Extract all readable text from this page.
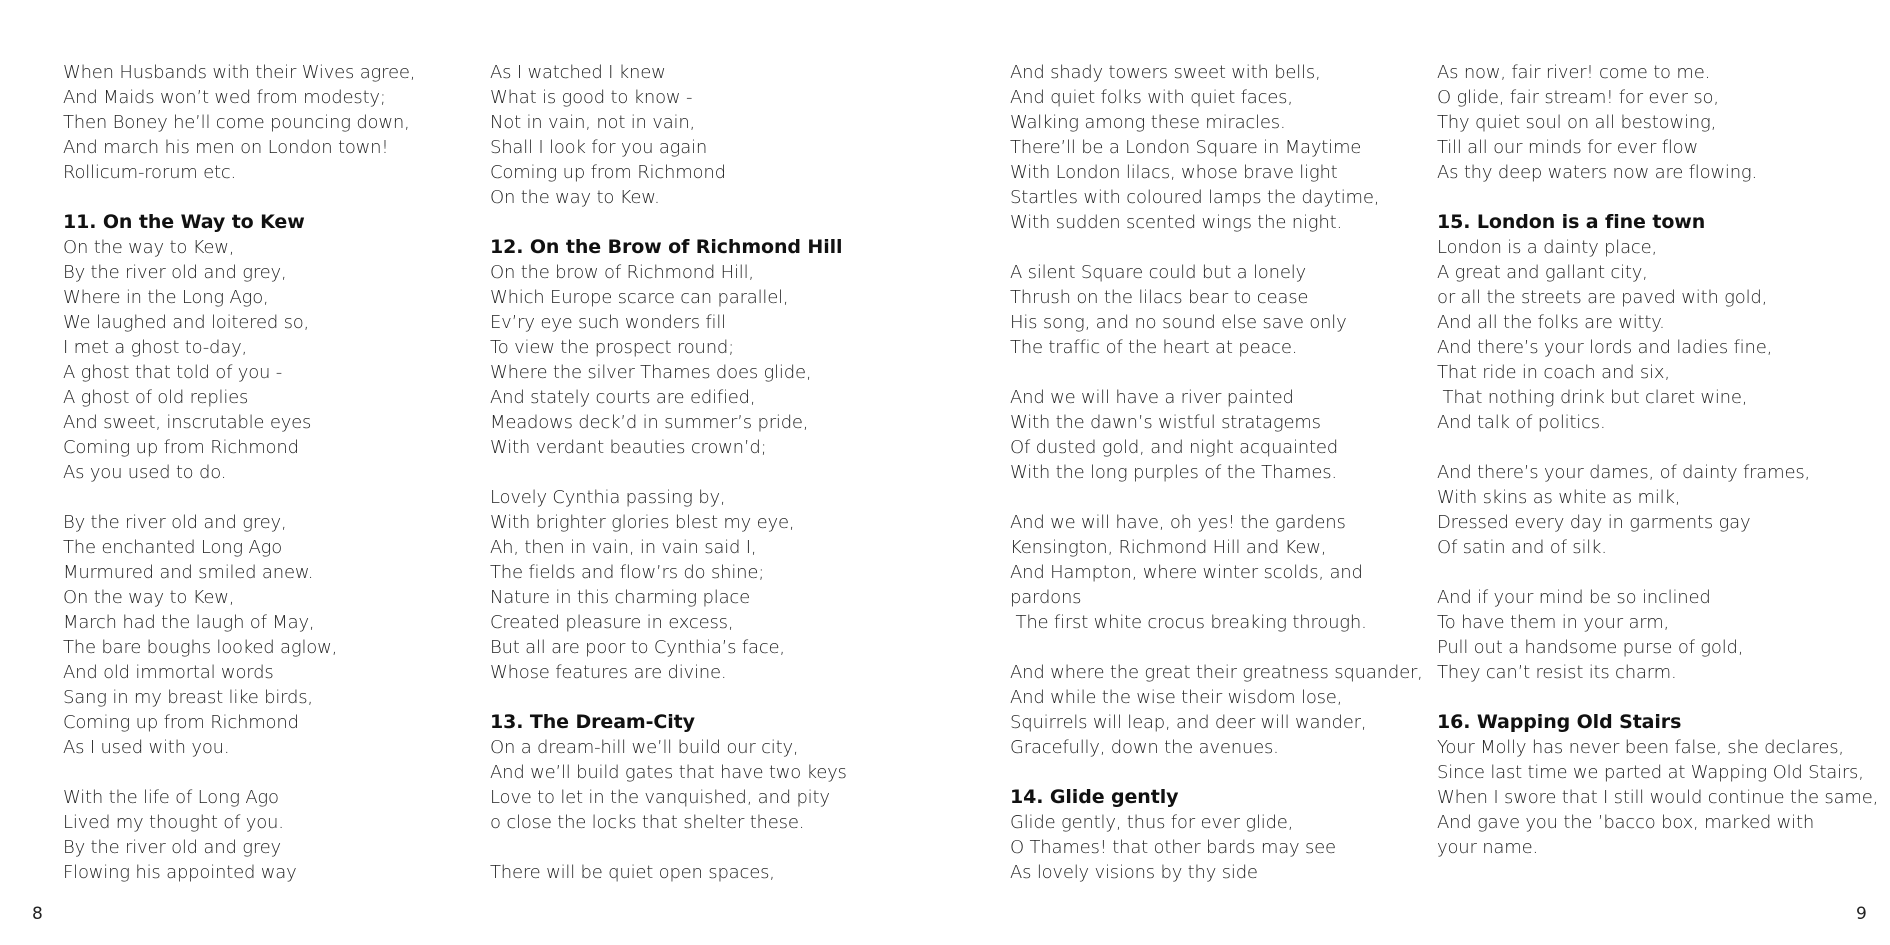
When Husbands with their Wives agree,
And Maids won’t wed from modesty;
Then Boney he’ll come pouncing down,
And march his men on London town!
Rollicum-rorum etc.
11. On the Way to Kew
On the way to Kew,
By the river old and grey,
Where in the Long Ago,
We laughed and loitered so,
I met a ghost to-day,
A ghost that told of you -
A ghost of old replies
And sweet, inscrutable eyes
Coming up from Richmond
As you used to do.
By the river old and grey,
The enchanted Long Ago
Murmured and smiled anew.
On the way to Kew,
March had the laugh of May,
The bare boughs looked aglow,
And old immortal words
Sang in my breast like birds,
Coming up from Richmond
As I used with you.
With the life of Long Ago
Lived my thought of you.
By the river old and grey
Flowing his appointed way
As I watched I knew
What is good to know -
Not in vain, not in vain,
Shall I look for you again
Coming up from Richmond
On the way to Kew.
12. On the Brow of Richmond Hill
On the brow of Richmond Hill,
Which Europe scarce can parallel,
Ev’ry eye such wonders fill
To view the prospect round;
Where the silver Thames does glide,
And stately courts are edified,
Meadows deck’d in summer’s pride,
With verdant beauties crown’d;
Lovely Cynthia passing by,
With brighter glories blest my eye,
Ah, then in vain, in vain said I,
The fields and flow’rs do shine;
Nature in this charming place
Created pleasure in excess,
But all are poor to Cynthia’s face,
Whose features are divine.
13. The Dream-City
On a dream-hill we’ll build our city,
And we’ll build gates that have two keys
Love to let in the vanquished, and pity
o close the locks that shelter these.
There will be quiet open spaces,
And shady towers sweet with bells,
And quiet folks with quiet faces,
Walking among these miracles.
There’ll be a London Square in Maytime
With London lilacs, whose brave light
Startles with coloured lamps the daytime,
With sudden scented wings the night.
A silent Square could but a lonely
Thrush on the lilacs bear to cease
His song, and no sound else save only
The traffic of the heart at peace.
And we will have a river painted
With the dawn’s wistful stratagems
Of dusted gold, and night acquainted
With the long purples of the Thames.
And we will have, oh yes! the gardens
Kensington, Richmond Hill and Kew,
And Hampton, where winter scolds, and
pardons
The first white crocus breaking through.
And where the great their greatness squander,
And while the wise their wisdom lose,
Squirrels will leap, and deer will wander,
Gracefully, down the avenues.
14. Glide gently
Glide gently, thus for ever glide,
O Thames! that other bards may see
As lovely visions by thy side
As now, fair river! come to me.
O glide, fair stream! for ever so,
Thy quiet soul on all bestowing,
Till all our minds for ever flow
As thy deep waters now are flowing.
15. London is a fine town
London is a dainty place,
A great and gallant city,
or all the streets are paved with gold,
And all the folks are witty.
And there’s your lords and ladies fine,
That ride in coach and six,
That nothing drink but claret wine,
And talk of politics.
And there’s your dames, of dainty frames,
With skins as white as milk,
Dressed every day in garments gay
Of satin and of silk.
And if your mind be so inclined
To have them in your arm,
Pull out a handsome purse of gold,
They can’t resist its charm.
16. Wapping Old Stairs
Your Molly has never been false, she declares,
Since last time we parted at Wapping Old Stairs,
When I swore that I still would continue the same,
And gave you the ’bacco box, marked with
your name.
8	9
